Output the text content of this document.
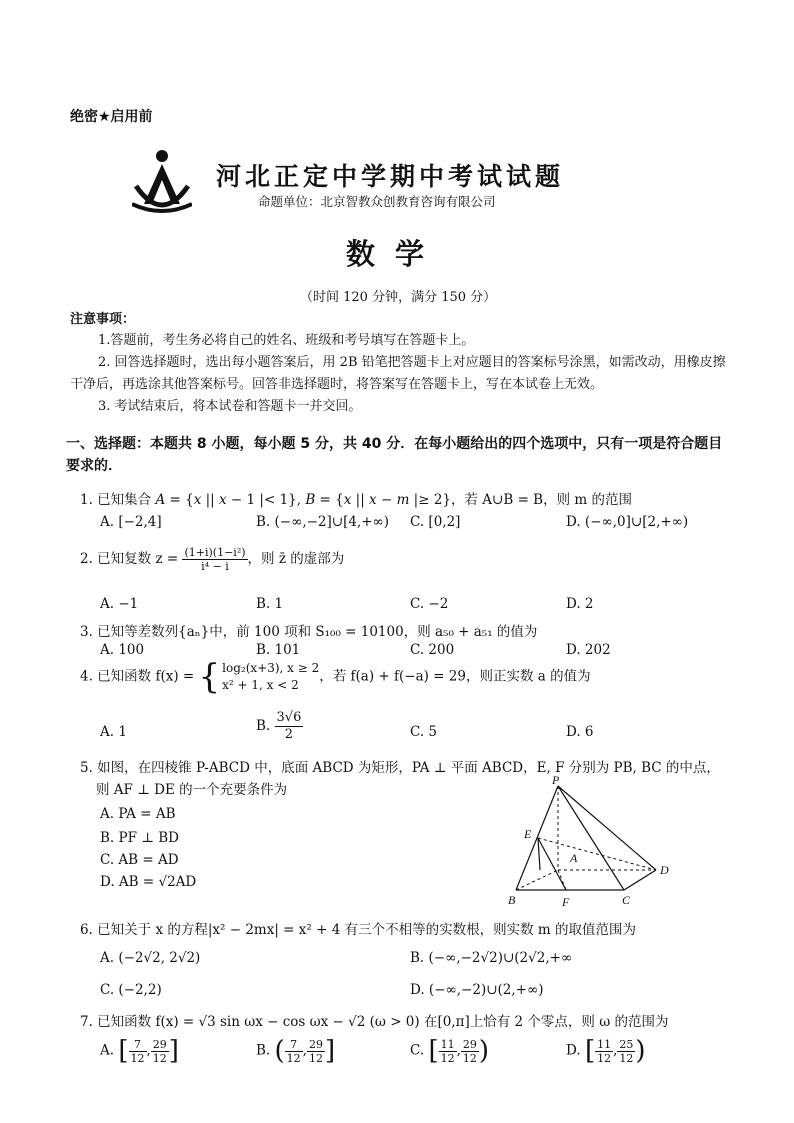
绝密★启用前
河北正定中学期中考试试题
命题单位：北京智教众创教育咨询有限公司
数学
（时间 120 分钟，满分 150 分）
注意事项：

1.答题前，考生务必将自己的姓名、班级和考号填写在答题卡上。

2. 回答选择题时，选出每小题答案后，用 2B 铅笔把答题卡上对应题目的答案标号涂黑，如需改动，用橡皮擦干净后，再选涂其他答案标号。回答非选择题时，将答案写在答题卡上，写在本试卷上无效。

3. 考试结束后，将本试卷和答题卡一并交回。

一、选择题：本题共 8 小题，每小题 5 分，共 40 分．在每小题给出的四个选项中，只有一项是符合题目要求的．
1. 已知集合 A = {x || x − 1 |< 1}, B = {x || x − m |≥ 2}，若 A∪B = B，则 m 的范围
A. [−2,4]	B. (−∞,−2]∪[4,+∞) C. [0,2]	D. (−∞,0]∪[2,+∞)
2. 已知复数 $z = \frac{\text{(1+i)(1−i²)}}{\text{i⁴ − i}}$ ，则 z̄ 的虚部为
A. −1	B. 1	C. −2	D. 2
3. 已知等差数列{aₙ}中，前 100 项和 S₁₀₀ = 10100，则 a₅₀ + a₅₁ 的值为
A. 100	B. 101	C. 200	D. 202
4. 已知函数 f(x) = { log₂(x+3), x ≥ 2
x² + 1, x < 2
，若 f(a) + f(−a) = 29，则正实数 a 的值为
A. 1	B. $\frac{3√6}{2}$	C. 5	D. 6
5. 如图，在四棱锥 P-ABCD 中，底面 ABCD 为矩形，PA ⊥ 平面 ABCD，E, F 分别为 PB, BC 的中点，
则 AF ⊥ DE 的一个充要条件为
A. PA = AB
B. PF ⊥ BD
C. AB = AD
D. AB = √2AD
P
E
A
B	F	C
D
6. 已知关于 x 的方程|x² − 2mx| = x² + 4 有三个不相等的实数根，则实数 m 的取值范围为
A. (−2√2, 2√2)	B. (−∞,−2√2)∪(2√2,+∞
C. (−2,2)	D. (−∞,−2)∪(2,+∞)
7. 已知函数 f(x) = √3 sin ωx − cos ωx − √2 (ω > 0) 在[0,π]上恰有 2 个零点，则 ω 的范围为
A. [ $\frac{7}{12}$ , $\frac{29}{12}$ ]	B. ( $\frac{7}{12}$ , $\frac{29}{12}$ ]	C. [ $\frac{11}{12}$ , $\frac{29}{12}$ )	D. [ $\frac{11}{12}$ , $\frac{25}{12}$ )
